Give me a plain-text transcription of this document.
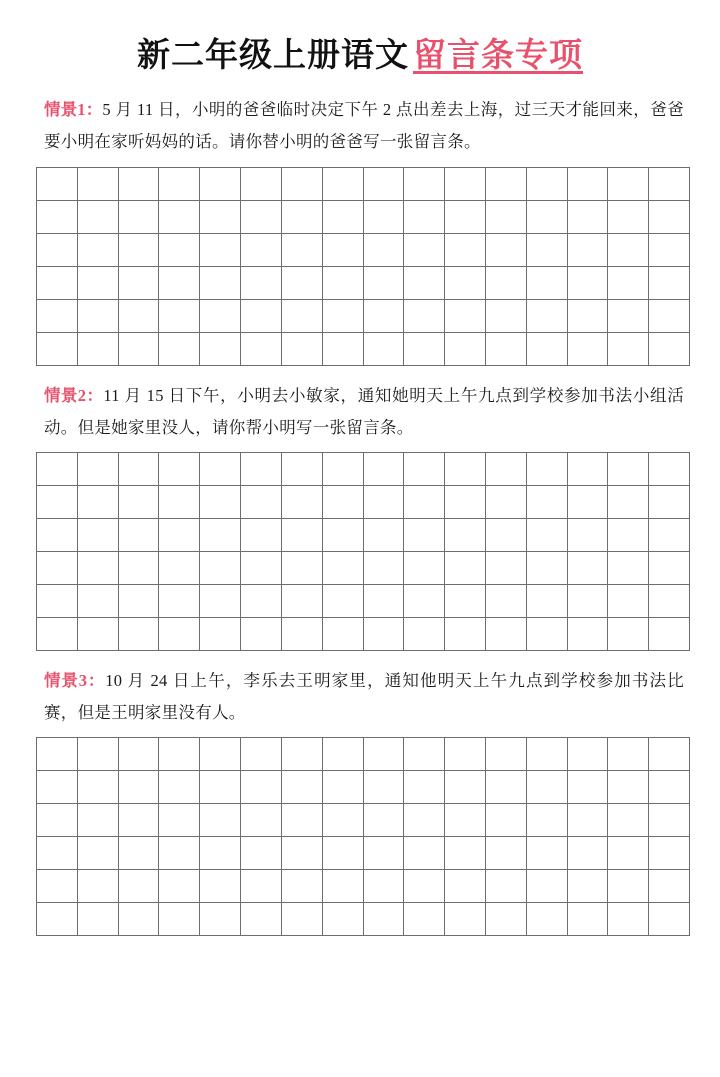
新二年级上册语文 留言条专项

情景1：5 月 11 日，小明的爸爸临时决定下午 2 点出差去上海，过三天才能回来，爸爸要小明在家听妈妈的话。请你替小明的爸爸写一张留言条。

情景2：11 月 15 日下午，小明去小敏家，通知她明天上午九点到学校参加书法小组活动。但是她家里没人，请你帮小明写一张留言条。

情景3：10 月 24 日上午，李乐去王明家里，通知他明天上午九点到学校参加书法比赛，但是王明家里没有人。
